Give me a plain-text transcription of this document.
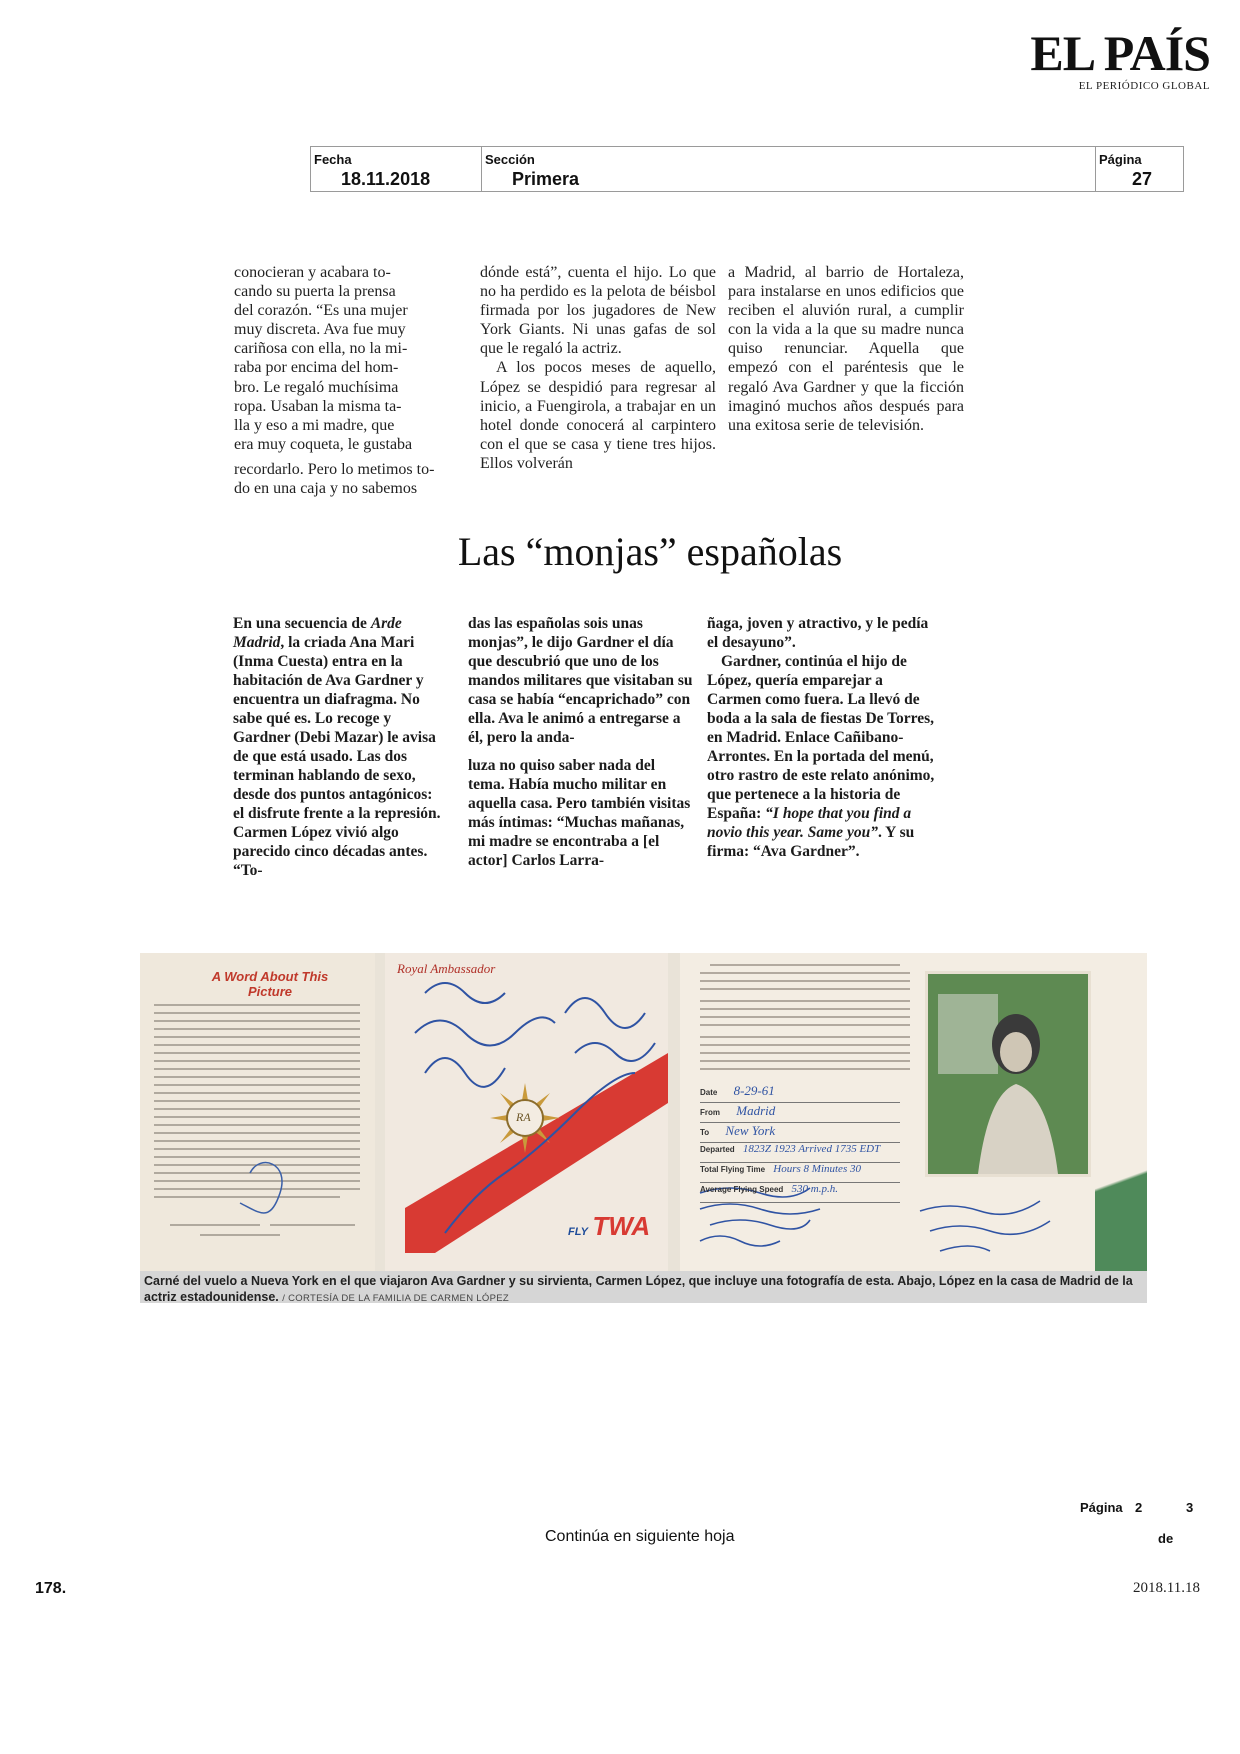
EL PAÍS
EL PERIÓDICO GLOBAL
Fecha
18.11.2018
Sección
Primera
Página
27

conocieran y acabara to-

cando su puerta la prensa

del corazón. “Es una mujer

muy discreta. Ava fue muy

cariñosa con ella, no la mi-

raba por encima del hom-

bro. Le regaló muchísima

ropa. Usaban la misma ta-

lla y eso a mi madre, que

era muy coqueta, le gustaba

recordarlo. Pero lo metimos to-

do en una caja y no sabemos

dónde está”, cuenta el hijo. Lo que no ha perdido es la pelota de béisbol firmada por los jugadores de New York Giants. Ni unas gafas de sol que le regaló la actriz.

A los pocos meses de aquello, López se despidió para regresar al inicio, a Fuengirola, a trabajar en un hotel donde conocerá al carpintero con el que se casa y tiene tres hijos. Ellos volverán

a Madrid, al barrio de Hortaleza, para instalarse en unos edificios que reciben el aluvión rural, a cumplir con la vida a la que su madre nunca quiso renunciar. Aquella que empezó con el paréntesis que le regaló Ava Gardner y que la ficción imaginó muchos años después para una exitosa serie de televisión.

Las “monjas” españolas

En una secuencia de Arde Madrid, la criada Ana Mari (Inma Cuesta) entra en la habitación de Ava Gardner y encuentra un diafragma. No sabe qué es. Lo recoge y Gardner (Debi Mazar) le avisa de que está usado. Las dos terminan hablando de sexo, desde dos puntos antagónicos: el disfrute frente a la represión. Carmen López vivió algo parecido cinco décadas antes. “To-

das las españolas sois unas monjas”, le dijo Gardner el día que descubrió que uno de los mandos militares que visitaban su casa se había “encaprichado” con ella. Ava le animó a entregarse a él, pero la anda-

luza no quiso saber nada del tema. Había mucho militar en aquella casa. Pero también visitas más íntimas: “Muchas mañanas, mi madre se encontraba a [el actor] Carlos Larra-

ñaga, joven y atractivo, y le pedía el desayuno”.

Gardner, continúa el hijo de López, quería emparejar a Carmen como fuera. La llevó de boda a la sala de fiestas De Torres, en Madrid. Enlace Cañibano-Arrontes. En la portada del menú, otro rastro de este relato anónimo, que pertenece a la historia de España: “I hope that you find a novio this year. Same you”. Y su firma: “Ava Gardner”.

A Word About This Picture
Royal Ambassador
RA
FLY TWA
Date 8-29-61
From Madrid
To New York
Departed 1823Z 1923 Arrived 1735 EDT
Total Flying Time Hours 8 Minutes 30
Average Flying Speed 530 m.p.h.
Carné del vuelo a Nueva York en el que viajaron Ava Gardner y su sirvienta, Carmen López, que incluye una fotografía de esta. Abajo, López en la casa de Madrid de la actriz estadounidense. / CORTESÍA DE LA FAMILIA DE CARMEN LÓPEZ
Página 2	3
de
Continúa en siguiente hoja
178.	2018.11.18
